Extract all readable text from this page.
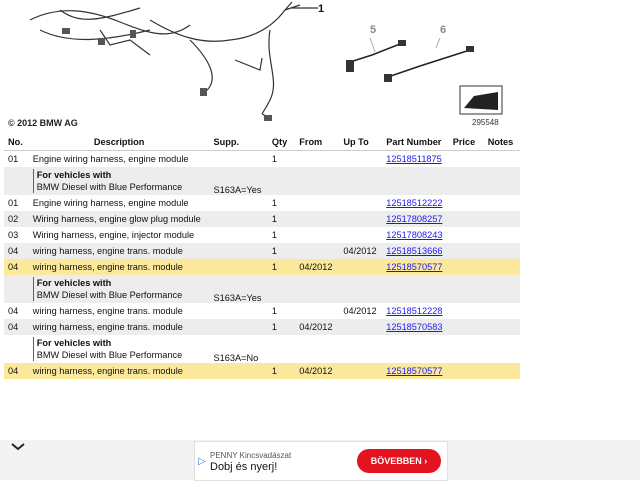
1
5	6
© 2012 BMW AG	295548
No.	Description	Supp.	Qty	From	Up To	Part Number	Price	Notes
01	Engine wiring harness, engine module		1			12518511875		
	For vehicles with
BMW Diesel with Blue Performance	S163A=Yes						
01	Engine wiring harness, engine module		1			12518512222		
02	Wiring harness, engine glow plug module		1			12517808257		
03	Wiring harness, engine, injector module		1			12517808243		
04	wiring harness, engine trans. module		1		04/2012	12518513666		
04	wiring harness, engine trans. module		1	04/2012		12518570577		
	For vehicles with
BMW Diesel with Blue Performance	S163A=Yes						
04	wiring harness, engine trans. module		1		04/2012	12518512228		
04	wiring harness, engine trans. module		1	04/2012		12518570583		
	For vehicles with
BMW Diesel with Blue Performance	S163A=No						
04	wiring harness, engine trans. module		1	04/2012		12518570577		
▷
PENNY Kincsvadászat
Dobj és nyerj!	BÖVEBBEN ›
